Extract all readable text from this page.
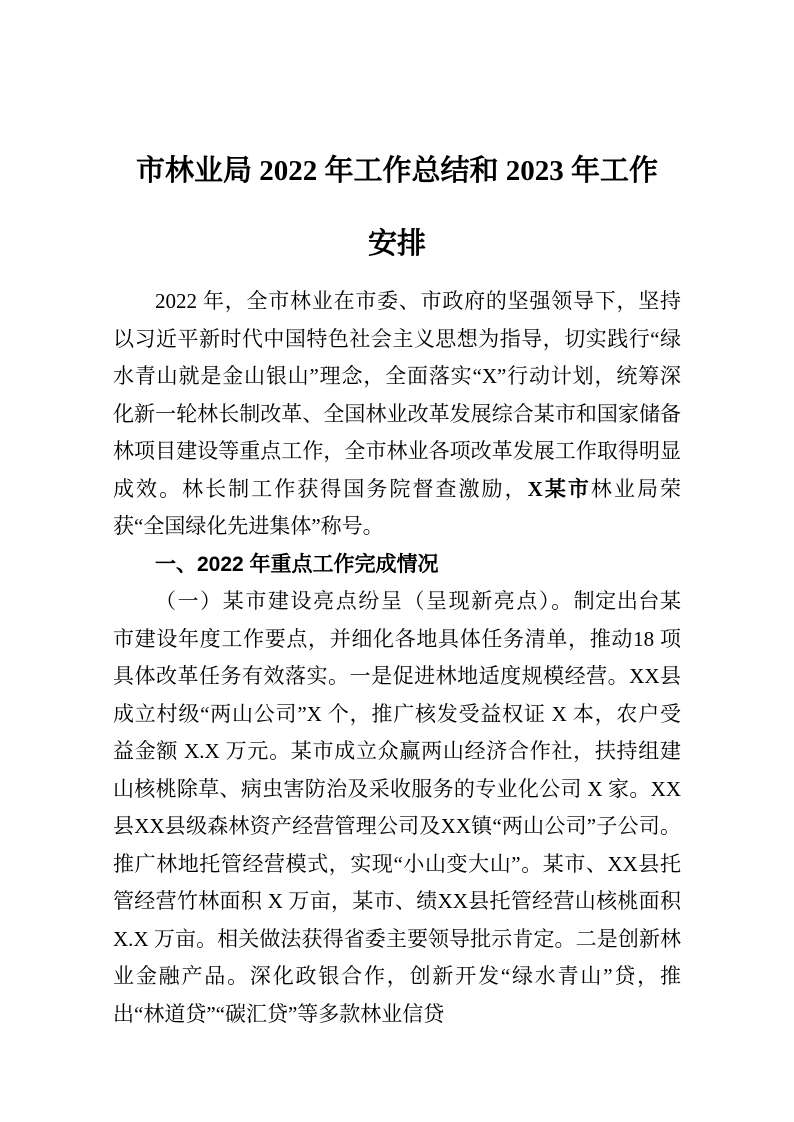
市林业局 2022 年工作总结和 2023 年工作
安排

2022 年，全市林业在市委、市政府的坚强领导下，坚持以习近平新时代中国特色社会主义思想为指导，切实践行“绿水青山就是金山银山”理念，全面落实“X”行动计划，统筹深化新一轮林长制改革、全国林业改革发展综合某市和国家储备林项目建设等重点工作，全市林业各项改革发展工作取得明显成效。林长制工作获得国务院督查激励，X某市林业局荣获“全国绿化先进集体”称号。

一、2022 年重点工作完成情况

（一）某市建设亮点纷呈（呈现新亮点）。制定出台某市建设年度工作要点，并细化各地具体任务清单，推动18 项具体改革任务有效落实。一是促进林地适度规模经营。XX县成立村级“两山公司”X 个，推广核发受益权证 X 本，农户受益金额 X.X 万元。某市成立众赢两山经济合作社，扶持组建山核桃除草、病虫害防治及采收服务的专业化公司 X 家。XX县XX县级森林资产经营管理公司及XX镇“两山公司”子公司。推广林地托管经营模式，实现“小山变大山”。某市、XX县托管经营竹林面积 X 万亩，某市、绩XX县托管经营山核桃面积 X.X 万亩。相关做法获得省委主要领导批示肯定。二是创新林业金融产品。深化政银合作，创新开发“绿水青山”贷，推出“林道贷”“碳汇贷”等多款林业信贷
